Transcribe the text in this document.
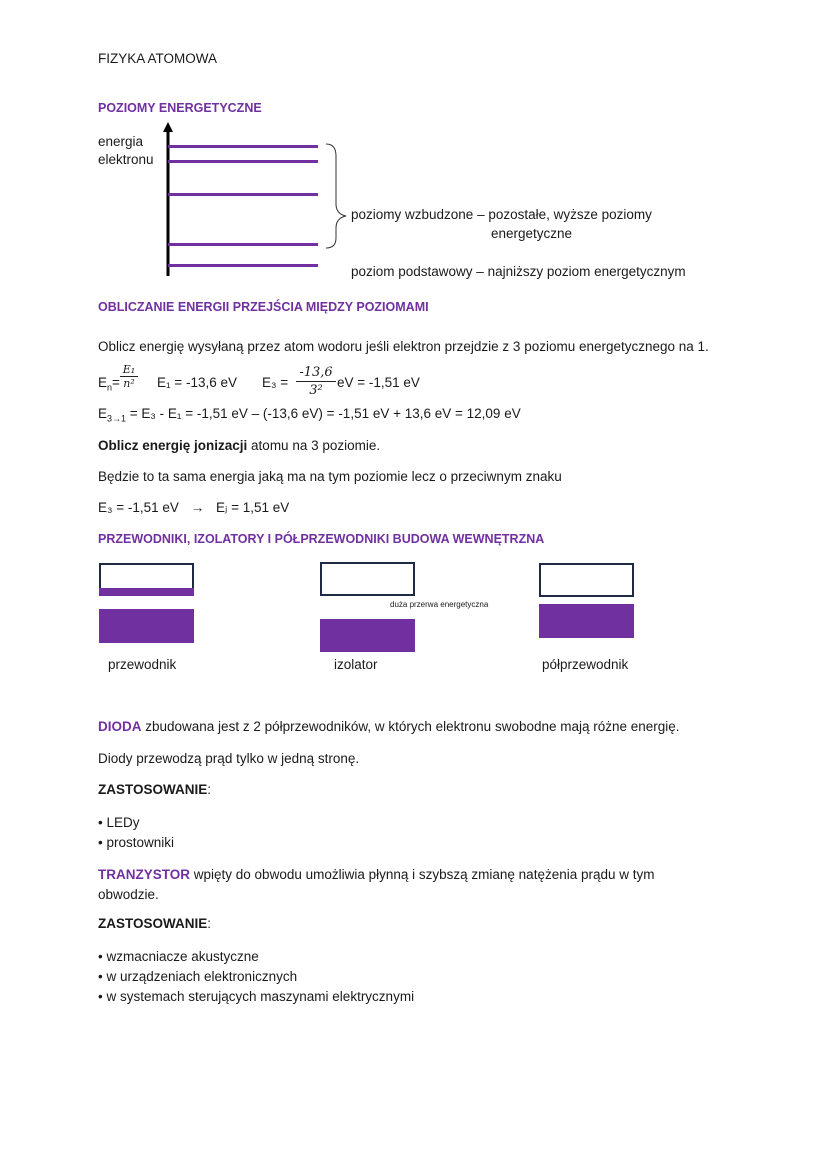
FIZYKA ATOMOWA
POZIOMY ENERGETYCZNE
energia
elektronu
poziomy wzbudzone – pozostałe, wyższe poziomy
energetyczne
poziom podstawowy – najniższy poziom energetycznym
OBLICZANIE ENERGII PRZEJŚCIA MIĘDZY POZIOMAMI
Oblicz energię wysyłaną przez atom wodoru jeśli elektron przejdzie z 3 poziomu energetycznego na 1.
$E_n= \frac{\text{E₁}}{\text{n²}} E_1 = -13,6$ eV $E_3 = \frac{-13,6}{\text{3²}}$ eV = -1,51 eV
$E_{3\to 1} = E_3 - E_1 = -1,51$ eV – (-13,6 eV) = -1,51 eV + 13,6 eV = 12,09 eV
Oblicz energię jonizacji atomu na 3 poziomie.
Będzie to ta sama energia jaką ma na tym poziomie lecz o przeciwnym znaku
E₃ = -1,51 eV → Eⱼ = 1,51 eV
PRZEWODNIKI, IZOLATORY I PÓŁPRZEWODNIKI BUDOWA WEWNĘTRZNA
przewodnik
duża przerwa energetyczna
izolator	półprzewodnik
DIODA zbudowana jest z 2 półprzewodników, w których elektronu swobodne mają różne energię.
Diody przewodzą prąd tylko w jedną stronę.
ZASTOSOWANIE:
• LEDy
• prostowniki
TRANZYSTOR wpięty do obwodu umożliwia płynną i szybszą zmianę natężenia prądu w tym
obwodzie.
ZASTOSOWANIE:
• wzmacniacze akustyczne
• w urządzeniach elektronicznych
• w systemach sterujących maszynami elektrycznymi
